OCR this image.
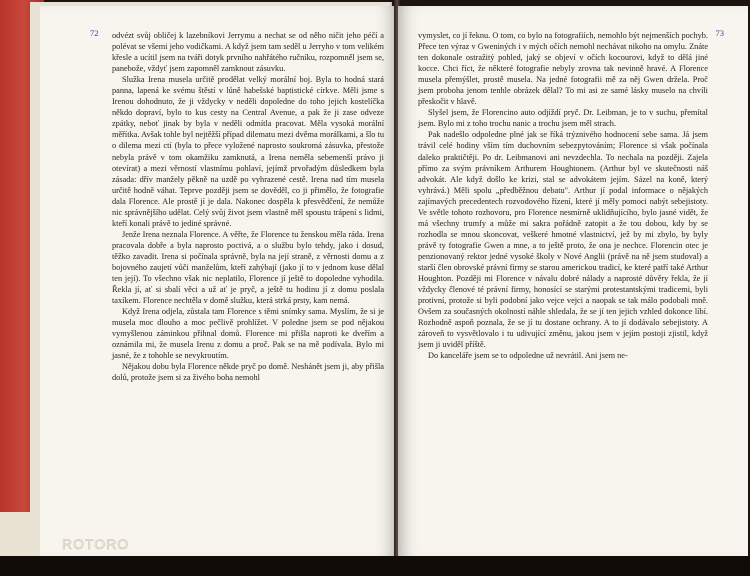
72 odvézt svůj obličej k lazebníkovi Jerrymu a nechat se od něho ničit jeho péčí a polévat se všemi jeho vodičkami. A když jsem tam seděl u Jerryho v tom velikém křesle a ucítil jsem na tváři dotyk prvního nahřátého ručníku, rozpomněl jsem se, panebože, vždyť jsem zapomněl zamknout zásuvku.

Služka Irena musela určitě prodělat velký morální boj. Byla to hodná stará panna, lapená ke svému štěstí v lůně habešské baptistické církve. Měli jsme s Irenou dohodnuto, že ji vždycky v neděli dopoledne do toho jejich kostelíčka někdo dopraví, bylo to kus cesty na Central Avenue, a pak že ji zase odveze zpátky, neboť jinak by byla v neděli odmítla pracovat. Měla vysoká morální měřítka. Avšak tohle byl nejtěžší případ dilematu mezi dvěma morálkami, a šlo tu o dilema mezi ctí (byla to přece vyložené naprosto soukromá zásuvka, přestože nebyla právě v tom okamžiku zamknutá, a Irena neměla sebemenší právo ji otevírat) a mezi věrností vlastnímu pohlaví, jejímž prvořadým důsledkem byla zásada: dřív manžely pěkně na uzdě po vyhrazené cestě. Irena nad tím musela určitě hodně váhat. Teprve později jsem se dověděl, co ji přimělo, že fotografie dala Florence. Ale prostě jí je dala. Nakonec dospěla k přesvědčení, že nemůže nic správnějšího udělat. Celý svůj život jsem vlastně měl spoustu trápení s lidmi, kteří konali právě to jediné správné.

Jenže Irena neznala Florence. A věřte, že Florence tu ženskou měla ráda. Irena pracovala dobře a byla naprosto poctivá, a o službu bylo tehdy, jako i dosud, těžko zavadit. Irena si počínala správně, byla na její straně, z věrnosti domu a z bojovného zaujetí vůči manželům, kteří zahýbají (jako jí to v jednom kuse dělal ten její). To všechno však nic neplatilo, Florence jí ještě to dopoledne vyhodila. Řekla jí, ať si sbalí věci a už ať je pryč, a ještě tu hodinu jí z domu poslala taxíkem. Florence nechtěla v domě služku, která strká prsty, kam nemá.

Když Irena odjela, zůstala tam Florence s těmi snímky sama. Myslím, že si je musela moc dlouho a moc pečlivě prohlížet. V poledne jsem se pod nějakou vymyšlenou záminkou přihnal domů. Florence mi přišla naproti ke dveřím a oznámila mi, že musela Irenu z domu a proč. Pak se na mě podívala. Bylo mi jasné, že z tohohle se nevykroutím.

Nějakou dobu byla Florence někde pryč po domě. Neshánět jsem ji, aby přišla dolů, protože jsem si za živého boha nemohl

73

vymyslet, co jí řeknu. O tom, co bylo na fotografiích, nemohlo být nejmenších pochyb. Přece ten výraz v Gweniných i v mých očích nemohl nechávat nikoho na omylu. Znáte ten dokonale ostražitý pohled, jaký se objeví v očích kocourovi, když to dělá jiné kocce. Chci říct, že některé fotografie nebyly zrovna tak nevinně hravé. A Florence musela přemýšlet, prostě musela. Na jedné fotografii mě za něj Gwen držela. Proč jsem proboha jenom tenhle obrázek dělal? To mi asi ze samé lásky muselo na chvíli přeskočit v hlavě.

Slyšel jsem, že Florencino auto odjíždí pryč. Dr. Leibman, je to v suchu, přemítal jsem. Bylo mi z toho trochu nanic a trochu jsem měl strach.

Pak nadešlo odpoledne plné jak se říká trýznivého hodnocení sebe sama. Já jsem trávil celé hodiny vším tím duchovním sebezpytováním; Florence si však počínala daleko praktičtěji. Po dr. Leibmanovi ani nevzdechla. To nechala na později. Zajela přímo za svým právníkem Arthurem Houghtonem. (Arthur byl ve skutečnosti náš advokát. Ale když došlo ke krizi, stal se advokátem jejím. Sázel na koně, který vyhrává.) Měli spolu „předběžnou debatu". Arthur jí podal informace o nějakých zajímavých precedentech rozvodového řízení, které jí měly pomoci nabýt sebejistoty. Ve světle tohoto rozhovoru, pro Florence nesmírně uklidňujícího, bylo jasné vidět, že má všechny trumfy a může mi sakra pořádně zatopit a že tou dobou, kdy by se rozhodla se mnou skoncovat, veškeré hmotné vlastnictví, jež by mi zbylo, by byly právě ty fotografie Gwen a mne, a to ještě proto, že ona je nechce. Florencin otec je penzionovaný rektor jedné vysoké školy v Nové Anglii (právě na ně jsem studoval) a starší člen obrovské právní firmy se starou americkou tradicí, ke které patří také Arthur Houghton. Později mi Florence v návalu dobré nálady a naprosté důvěry řekla, že jí vždycky členové té právní firmy, honosící se starými protestantskými tradicemi, byli protivní, protože si byli podobní jako vejce vejci a naopak se tak málo podobali mně. Ovšem za současných okolností náhle shledala, že se jí ten jejich vzhled dokonce líbí. Rozhodně aspoň poznala, že se jí tu dostane ochrany. A to jí dodávalo sebejistoty. A zároveň to vysvětlovalo i tu udivující změnu, jakou jsem v jejím postoji zjistil, když jsem ji uviděl příště.

Do kanceláře jsem se to odpoledne už nevrátil. Ani jsem ne-

ROTORO
